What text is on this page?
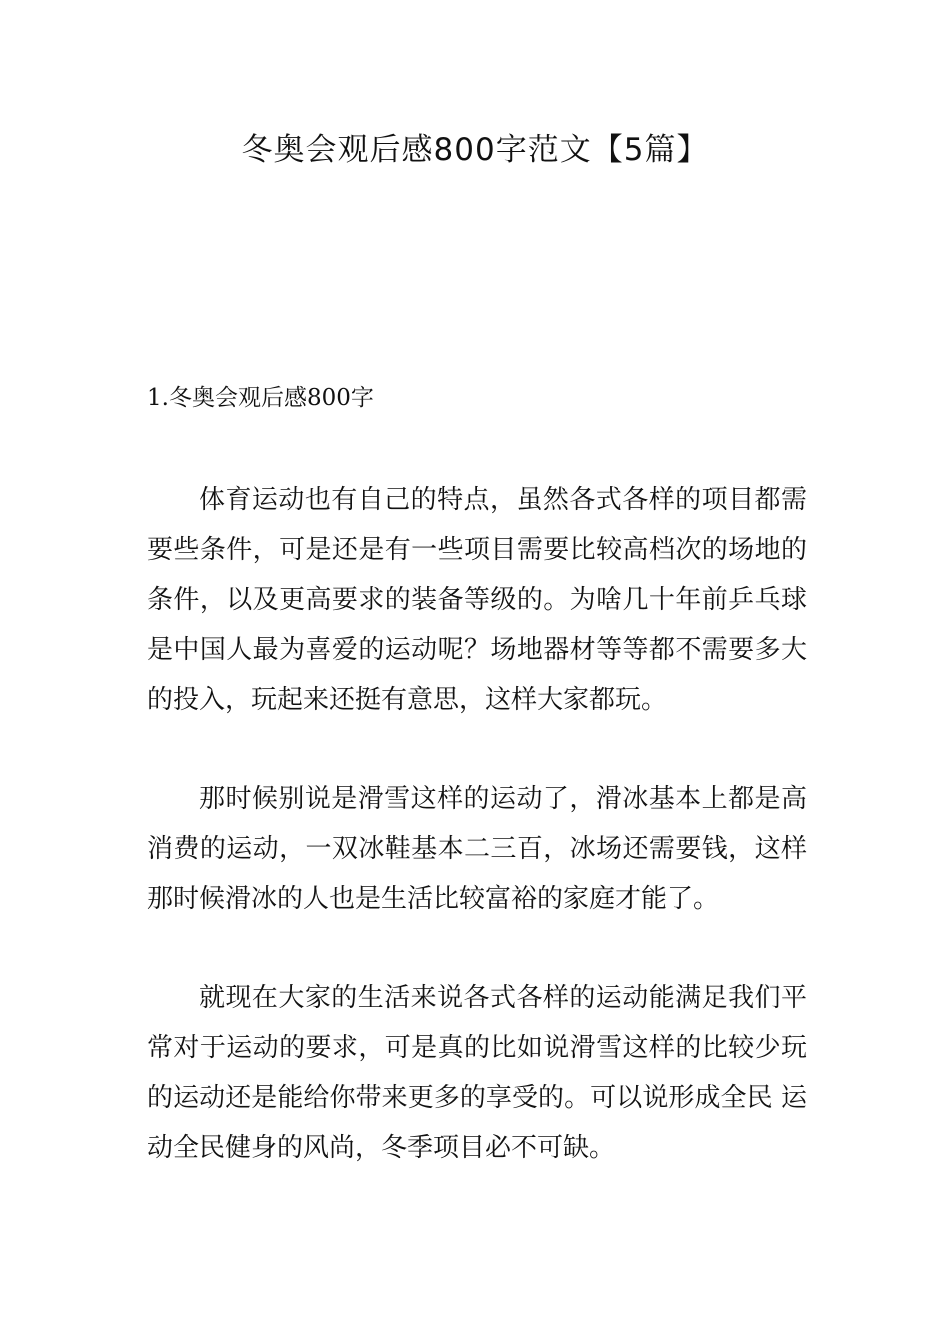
冬奥会观后感800字范文【5篇】
1.冬奥会观后感800字

体育运动也有自己的特点，虽然各式各样的项目都需要些条件，可是还是有一些项目需要比较高档次的场地的条件，以及更高要求的装备等级的。为啥几十年前乒乓球是中国人最为喜爱的运动呢？场地器材等等都不需要多大的投入，玩起来还挺有意思，这样大家都玩。

那时候别说是滑雪这样的运动了，滑冰基本上都是高消费的运动，一双冰鞋基本二三百，冰场还需要钱，这样那时候滑冰的人也是生活比较富裕的家庭才能了。

就现在大家的生活来说各式各样的运动能满足我们平常对于运动的要求，可是真的比如说滑雪这样的比较少玩的运动还是能给你带来更多的享受的。可以说形成全民 运动全民健身的风尚，冬季项目必不可缺。
